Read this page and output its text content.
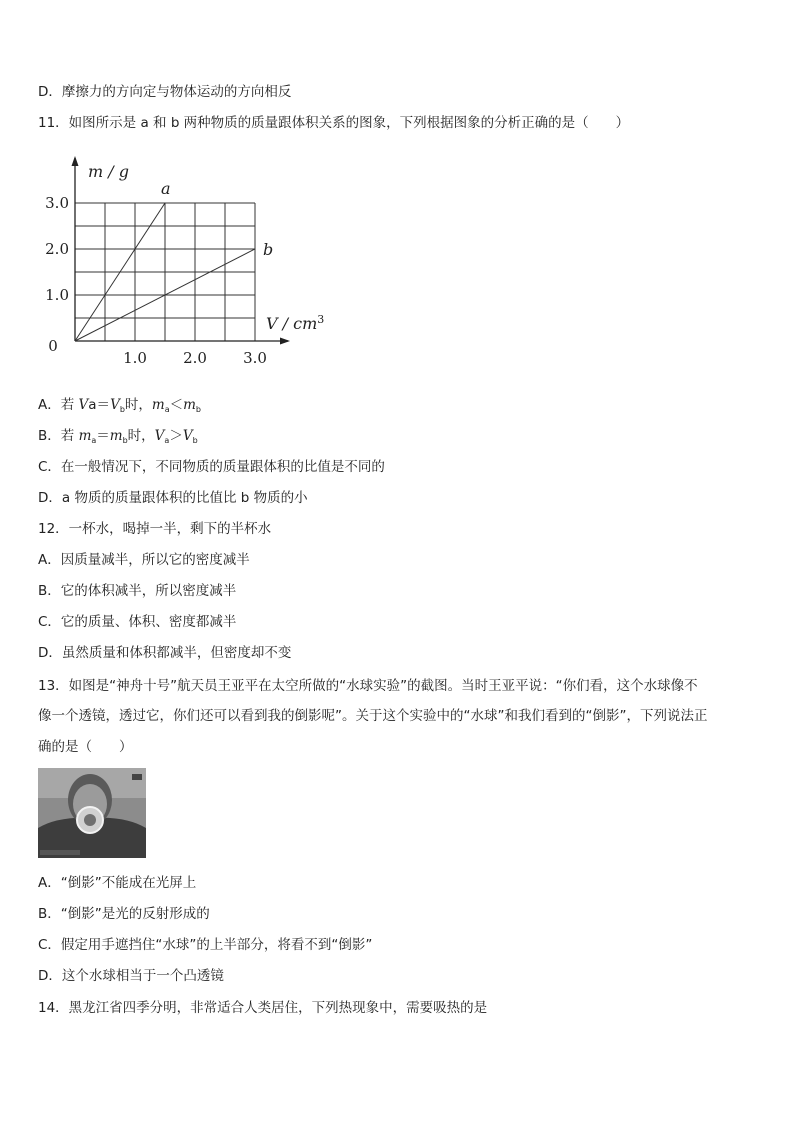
D．摩擦力的方向定与物体运动的方向相反
11．如图所示是 a 和 b 两种物质的质量跟体积关系的图象，下列根据图象的分析正确的是（　　）
a
b
1.0 2.0 3.0
1.0
2.0
3.0
0
m / g
V / $cm^3$
A．若 $Va=V_b$时，$m_a<m_b$
B．若 $m_a=m_b$时，$V_a>V_b$
C．在一般情况下，不同物质的质量跟体积的比值是不同的
D．a 物质的质量跟体积的比值比 b 物质的小
12．一杯水，喝掉一半，剩下的半杯水
A．因质量减半，所以它的密度减半
B．它的体积减半，所以密度减半
C．它的质量、体积、密度都减半
D．虽然质量和体积都减半，但密度却不变
13．如图是“神舟十号”航天员王亚平在太空所做的“水球实验”的截图。当时王亚平说：“你们看，这个水球像不
像一个透镜，透过它，你们还可以看到我的倒影呢”。关于这个实验中的“水球”和我们看到的“倒影”，下列说法正
确的是（　　）
A．“倒影”不能成在光屏上
B．“倒影”是光的反射形成的
C．假定用手遮挡住“水球”的上半部分，将看不到“倒影”
D．这个水球相当于一个凸透镜
14．黑龙江省四季分明，非常适合人类居住，下列热现象中，需要吸热的是
